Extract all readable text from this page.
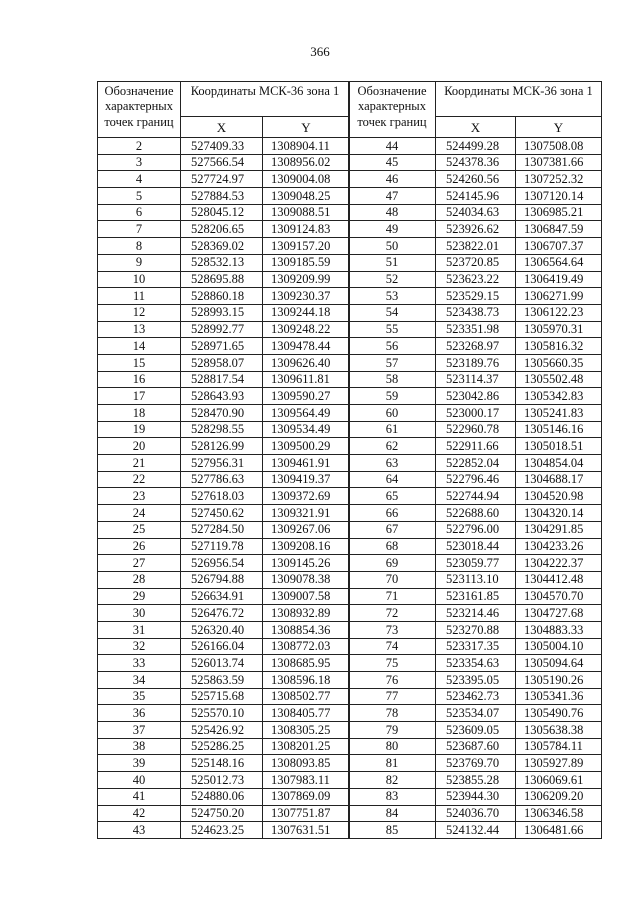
366
Обозначение характерных точек границ	Координаты МСК-36 зона 1	
	X	Y
2	527409.33	1308904.11
3	527566.54	1308956.02
4	527724.97	1309004.08
5	527884.53	1309048.25
6	528045.12	1309088.51
7	528206.65	1309124.83
8	528369.02	1309157.20
9	528532.13	1309185.59
10	528695.88	1309209.99
11	528860.18	1309230.37
12	528993.15	1309244.18
13	528992.77	1309248.22
14	528971.65	1309478.44
15	528958.07	1309626.40
16	528817.54	1309611.81
17	528643.93	1309590.27
18	528470.90	1309564.49
19	528298.55	1309534.49
20	528126.99	1309500.29
21	527956.31	1309461.91
22	527786.63	1309419.37
23	527618.03	1309372.69
24	527450.62	1309321.91
25	527284.50	1309267.06
26	527119.78	1309208.16
27	526956.54	1309145.26
28	526794.88	1309078.38
29	526634.91	1309007.58
30	526476.72	1308932.89
31	526320.40	1308854.36
32	526166.04	1308772.03
33	526013.74	1308685.95
34	525863.59	1308596.18
35	525715.68	1308502.77
36	525570.10	1308405.77
37	525426.92	1308305.25
38	525286.25	1308201.25
39	525148.16	1308093.85
40	525012.73	1307983.11
41	524880.06	1307869.09
42	524750.20	1307751.87
43	524623.25	1307631.51
Обозначение характерных точек границ	Координаты МСК-36 зона 1	
	X	Y
44	524499.28	1307508.08
45	524378.36	1307381.66
46	524260.56	1307252.32
47	524145.96	1307120.14
48	524034.63	1306985.21
49	523926.62	1306847.59
50	523822.01	1306707.37
51	523720.85	1306564.64
52	523623.22	1306419.49
53	523529.15	1306271.99
54	523438.73	1306122.23
55	523351.98	1305970.31
56	523268.97	1305816.32
57	523189.76	1305660.35
58	523114.37	1305502.48
59	523042.86	1305342.83
60	523000.17	1305241.83
61	522960.78	1305146.16
62	522911.66	1305018.51
63	522852.04	1304854.04
64	522796.46	1304688.17
65	522744.94	1304520.98
66	522688.60	1304320.14
67	522796.00	1304291.85
68	523018.44	1304233.26
69	523059.77	1304222.37
70	523113.10	1304412.48
71	523161.85	1304570.70
72	523214.46	1304727.68
73	523270.88	1304883.33
74	523317.35	1305004.10
75	523354.63	1305094.64
76	523395.05	1305190.26
77	523462.73	1305341.36
78	523534.07	1305490.76
79	523609.05	1305638.38
80	523687.60	1305784.11
81	523769.70	1305927.89
82	523855.28	1306069.61
83	523944.30	1306209.20
84	524036.70	1306346.58
85	524132.44	1306481.66
